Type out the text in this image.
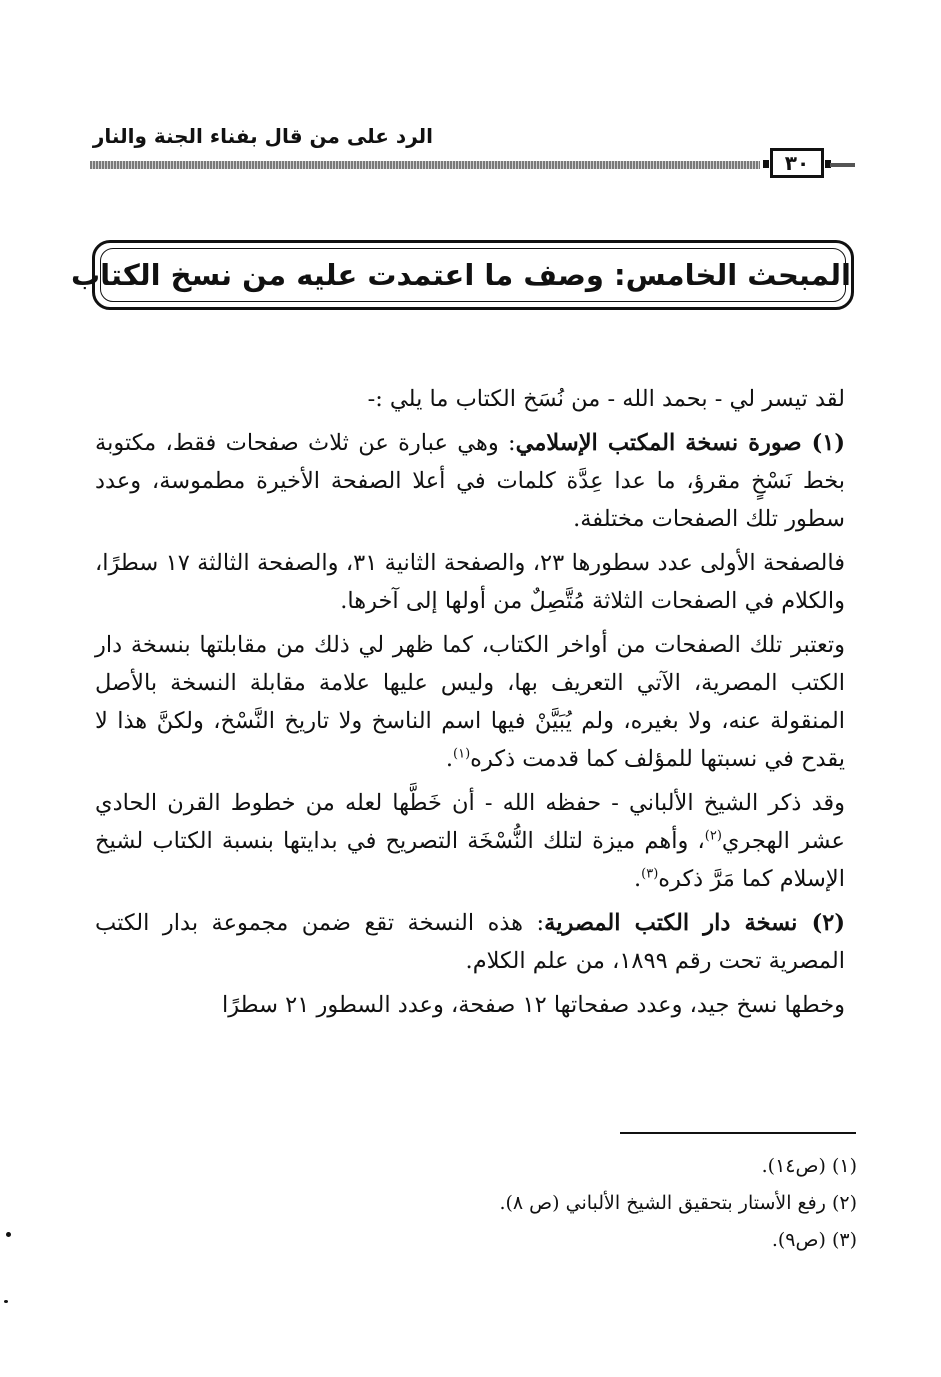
الرد على من قال بفناء الجنة والنار
٣٠
المبحث الخامس: وصف ما اعتمدت عليه من نسخ الكتاب

لقد تيسر لي - بحمد الله - من نُسَخ الكتاب ما يلي :-

(١) صورة نسخة المكتب الإسلامي: وهي عبارة عن ثلاث صفحات فقط، مكتوبة بخط نَسْخٍ مقرؤ، ما عدا عِدَّة كلمات في أعلا الصفحة الأخيرة مطموسة، وعدد سطور تلك الصفحات مختلفة.

فالصفحة الأولى عدد سطورها ٢٣، والصفحة الثانية ٣١، والصفحة الثالثة ١٧ سطرًا، والكلام في الصفحات الثلاثة مُتَّصِلٌ من أولها إلى آخرها.

وتعتبر تلك الصفحات من أواخر الكتاب، كما ظهر لي ذلك من مقابلتها بنسخة دار الكتب المصرية، الآتي التعريف بها، وليس عليها علامة مقابلة النسخة بالأصل المنقولة عنه، ولا بغيره، ولم يُبَيَّنْ فيها اسم الناسخ ولا تاريخ النَّسْخ، ولكنَّ هذا لا يقدح في نسبتها للمؤلف كما قدمت ذكره$^{(١)}$.

وقد ذكر الشيخ الألباني - حفظه الله - أن خَطَّها لعله من خطوط القرن الحادي عشر الهجري$^{(٢)}$، وأهم ميزة لتلك النُّسْخَة التصريح في بدايتها بنسبة الكتاب لشيخ الإسلام كما مَرَّ ذكره$^{(٣)}$.

(٢) نسخة دار الكتب المصرية: هذه النسخة تقع ضمن مجموعة بدار الكتب المصرية تحت رقم ١٨٩٩، من علم الكلام.

وخطها نسخ جيد، وعدد صفحاتها ١٢ صفحة، وعدد السطور ٢١ سطرًا

(١) (ص١٤).
(٢) رفع الأستار بتحقيق الشيخ الألباني (ص ٨).
(٣) (ص٩).
